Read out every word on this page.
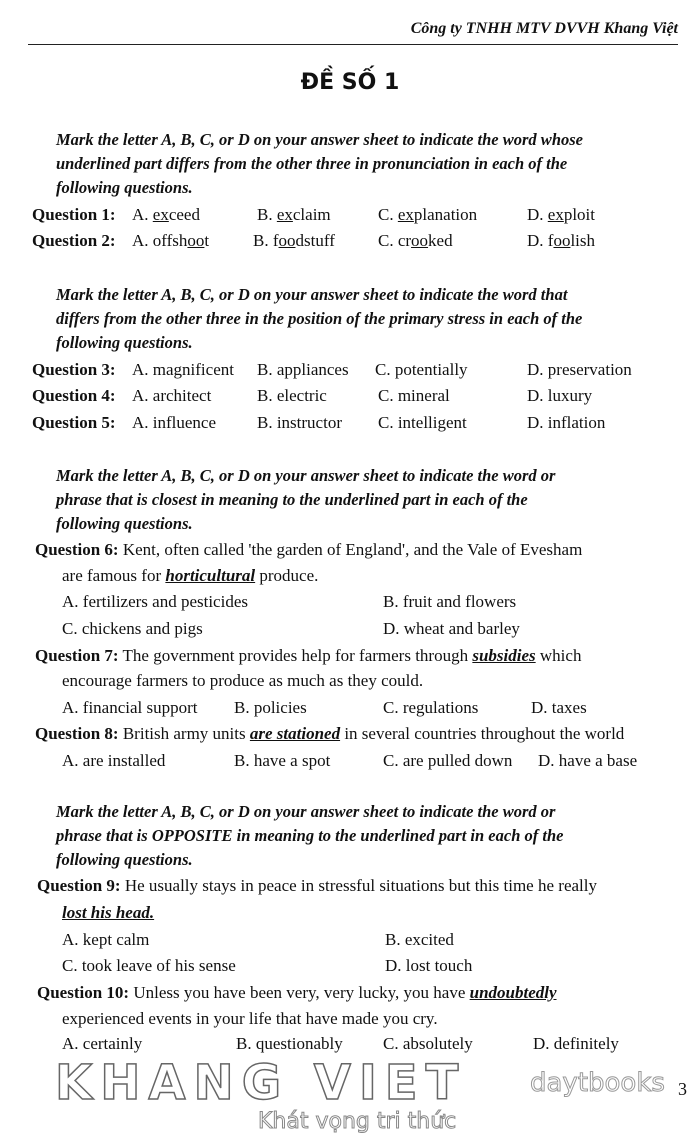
Công ty TNHH MTV DVVH Khang Việt
ĐỀ SỐ 1
Mark the letter A, B, C, or D on your answer sheet to indicate the word whose
underlined part differs from the other three in pronunciation in each of the
following questions.
Question 1: A. exceed	B. exclaim	C. explanation	D. exploit
Question 2: A. offshoot	B. foodstuff	C. crooked	D. foolish
Mark the letter A, B, C, or D on your answer sheet to indicate the word that
differs from the other three in the position of the primary stress in each of the
following questions.
Question 3: A. magnificent B. appliances C. potentially	D. preservation
Question 4: A. architect	B. electric	C. mineral	D. luxury
Question 5: A. influence B. instructor C. intelligent	D. inflation
Mark the letter A, B, C, or D on your answer sheet to indicate the word or
phrase that is closest in meaning to the underlined part in each of the
following questions.
Question 6: Kent, often called 'the garden of England', and the Vale of Evesham
are famous for horticultural produce.
A. fertilizers and pesticides	B. fruit and flowers
C. chickens and pigs	D. wheat and barley
Question 7: The government provides help for farmers through subsidies which
encourage farmers to produce as much as they could.
A. financial support B. policies	C. regulations	D. taxes
Question 8: British army units are stationed in several countries throughout the world
A. are installed	B. have a spot	C. are pulled down D. have a base
Mark the letter A, B, C, or D on your answer sheet to indicate the word or
phrase that is OPPOSITE in meaning to the underlined part in each of the
following questions.
Question 9: He usually stays in peace in stressful situations but this time he really
lost his head.
A. kept calm	B. excited
C. took leave of his sense	D. lost touch
Question 10: Unless you have been very, very lucky, you have undoubtedly
experienced events in your life that have made you cry.
A. certainly	B. questionably C. absolutely	D. definitely
KHANG VIET daytbooks
Khát vọng tri thức
3
